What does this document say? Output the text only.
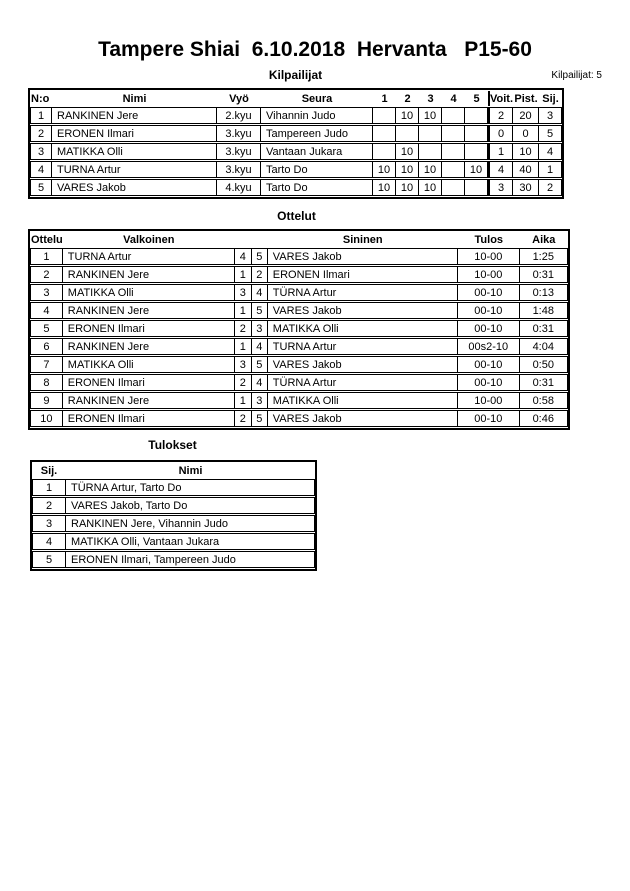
Tampere Shiai  6.10.2018  Hervanta   P15-60
Kilpailijat	Kilpailijat: 5
N:o	Nimi	Vyö	Seura	1	2	3	4	5	Voit.	Pist.	Sij.
1	RANKINEN Jere	2.kyu	Vihannin Judo		10	10			2	20	3
2	ERONEN Ilmari	3.kyu	Tampereen Judo						0	0	5
3	MATIKKA Olli	3.kyu	Vantaan Jukara		10				1	10	4
4	TURNA Artur	3.kyu	Tarto Do	10	10	10		10	4	40	1
5	VARES Jakob	4.kyu	Tarto Do	10	10	10			3	30	2
Ottelut
Ottelu	Valkoinen			Sininen	Tulos	Aika
1	TURNA Artur	4	5	VARES Jakob	10-00	1:25
2	RANKINEN Jere	1	2	ERONEN Ilmari	10-00	0:31
3	MATIKKA Olli	3	4	TÜRNA Artur	00-10	0:13
4	RANKINEN Jere	1	5	VARES Jakob	00-10	1:48
5	ERONEN Ilmari	2	3	MATIKKA Olli	00-10	0:31
6	RANKINEN Jere	1	4	TURNA Artur	00s2-10	4:04
7	MATIKKA Olli	3	5	VARES Jakob	00-10	0:50
8	ERONEN Ilmari	2	4	TÜRNA Artur	00-10	0:31
9	RANKINEN Jere	1	3	MATIKKA Olli	10-00	0:58
10	ERONEN Ilmari	2	5	VARES Jakob	00-10	0:46
Tulokset
Sij.	Nimi
1	TÜRNA Artur, Tarto Do
2	VARES Jakob, Tarto Do
3	RANKINEN Jere, Vihannin Judo
4	MATIKKA Olli, Vantaan Jukara
5	ERONEN Ilmari, Tampereen Judo
